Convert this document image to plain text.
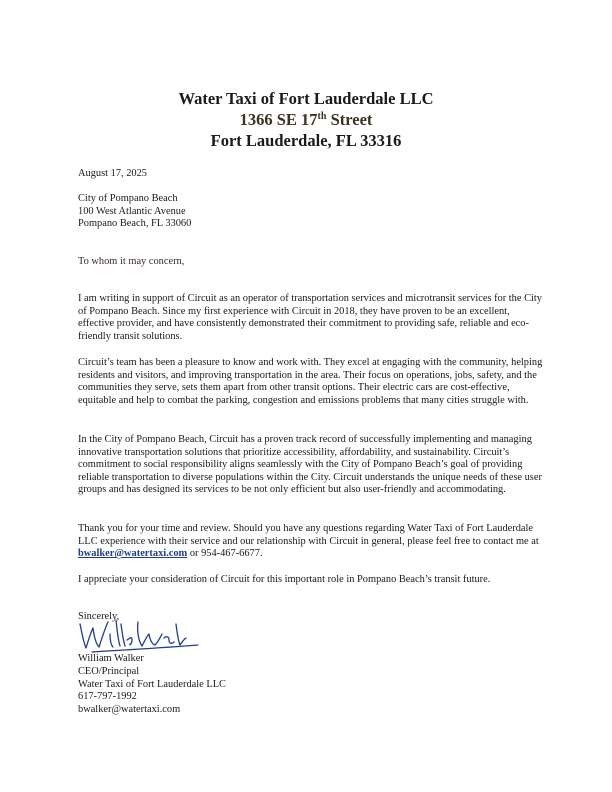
Water Taxi of Fort Lauderdale LLC
1366 SE 17th Street
Fort Lauderdale, FL 33316
August 17, 2025
City of Pompano Beach
100 West Atlantic Avenue
Pompano Beach, FL 33060
To whom it may concern,

I am writing in support of Circuit as an operator of transportation services and microtransit services for the City of Pompano Beach. Since my first experience with Circuit in 2018, they have proven to be an excellent, effective provider, and have consistently demonstrated their commitment to providing safe, reliable and eco-friendly transit solutions.

Circuit’s team has been a pleasure to know and work with. They excel at engaging with the community, helping residents and visitors, and improving transportation in the area. Their focus on operations, jobs, safety, and the communities they serve, sets them apart from other transit options. Their electric cars are cost-effective, equitable and help to combat the parking, congestion and emissions problems that many cities struggle with.

In the City of Pompano Beach, Circuit has a proven track record of successfully implementing and managing innovative transportation solutions that prioritize accessibility, affordability, and sustainability. Circuit’s commitment to social responsibility aligns seamlessly with the City of Pompano Beach’s goal of providing reliable transportation to diverse populations within the City. Circuit understands the unique needs of these user groups and has designed its services to be not only efficient but also user-friendly and accommodating.

Thank you for your time and review. Should you have any questions regarding Water Taxi of Fort Lauderdale LLC experience with their service and our relationship with Circuit in general, please feel free to contact me at bwalker@watertaxi.com or 954-467-6677.

I appreciate your consideration of Circuit for this important role in Pompano Beach’s transit future.

Sincerely,
William Walker
CEO/Principal
Water Taxi of Fort Lauderdale LLC
617-797-1992
bwalker@watertaxi.com
